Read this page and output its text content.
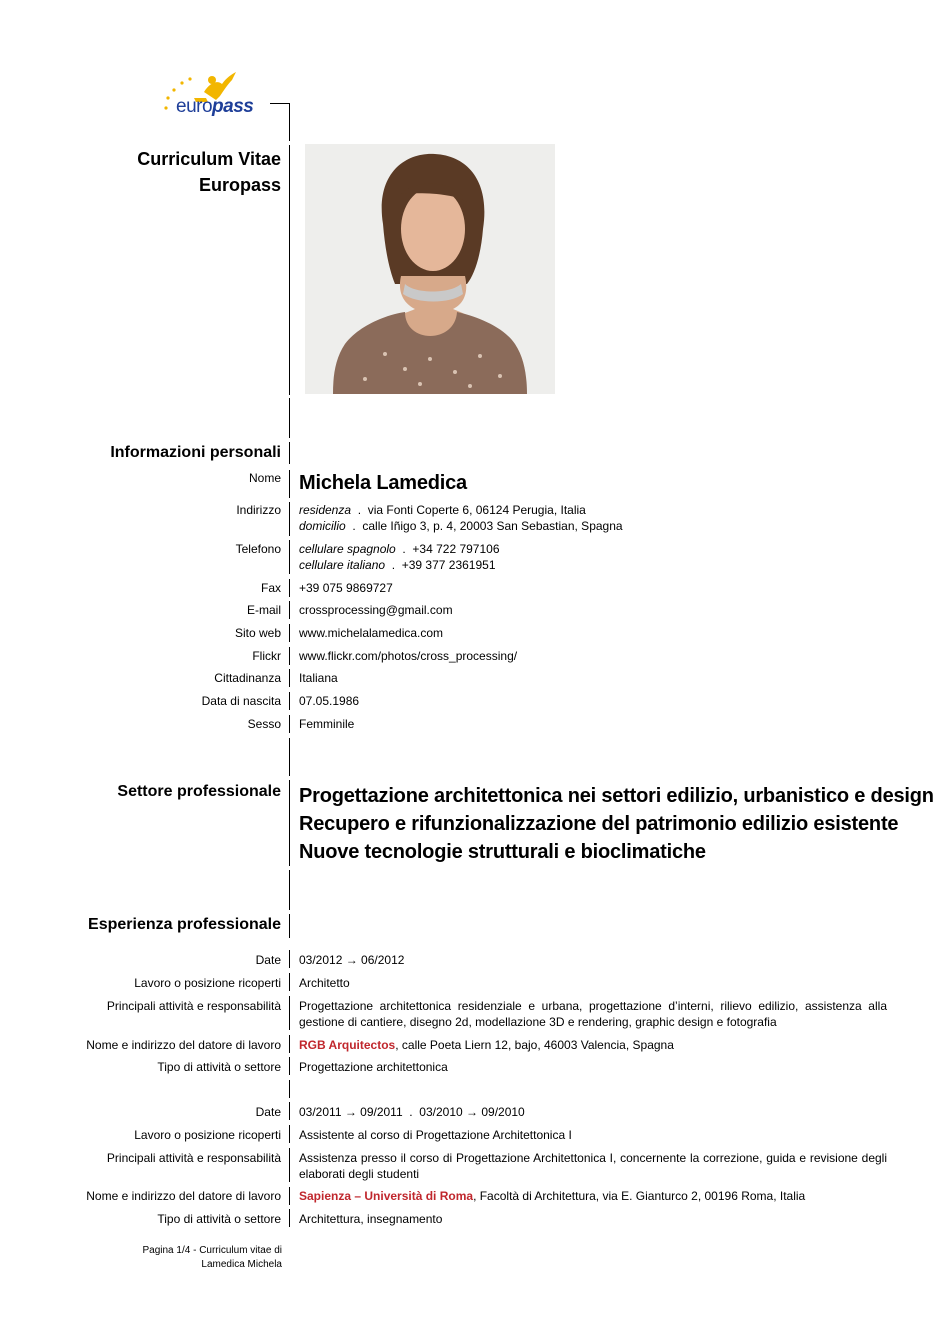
europass
Curriculum Vitae
Europass
Informazioni personali
Nome Michela Lamedica
Indirizzo residenza  .  via Fonti Coperte 6, 06124 Perugia, Italia
domicilio  .  calle Iñigo 3, p. 4, 20003 San Sebastian, Spagna
Telefono cellulare spagnolo  .  +34 722 797106
cellulare italiano  .  +39 377 2361951
Fax +39 075 9869727
E-mail crossprocessing@gmail.com
Sito web www.michelalamedica.com
Flickr www.flickr.com/photos/cross_processing/
Cittadinanza Italiana
Data di nascita 07.05.1986
Sesso Femminile
Settore professionale Progettazione architettonica nei settori edilizio, urbanistico e design
Recupero e rifunzionalizzazione del patrimonio edilizio esistente
Nuove tecnologie strutturali e bioclimatiche
Esperienza professionale
Date 03/2012 → 06/2012
Lavoro o posizione ricoperti Architetto
Principali attività e responsabilità Progettazione architettonica residenziale e urbana, progettazione d’interni, rilievo edilizio, assistenza alla gestione di cantiere, disegno 2d, modellazione 3D e rendering, graphic design e fotografia
Nome e indirizzo del datore di lavoro RGB Arquitectos, calle Poeta Liern 12, bajo, 46003 Valencia, Spagna
Tipo di attività o settore Progettazione architettonica
Date 03/2011 → 09/2011  .  03/2010 → 09/2010
Lavoro o posizione ricoperti Assistente al corso di Progettazione Architettonica I
Principali attività e responsabilità Assistenza presso il corso di Progettazione Architettonica I, concernente la correzione, guida e revisione degli elaborati degli studenti
Nome e indirizzo del datore di lavoro Sapienza – Università di Roma, Facoltà di Architettura, via E. Gianturco 2, 00196 Roma, Italia
Tipo di attività o settore Architettura, insegnamento
Pagina 1/4 - Curriculum vitae di
Lamedica Michela
